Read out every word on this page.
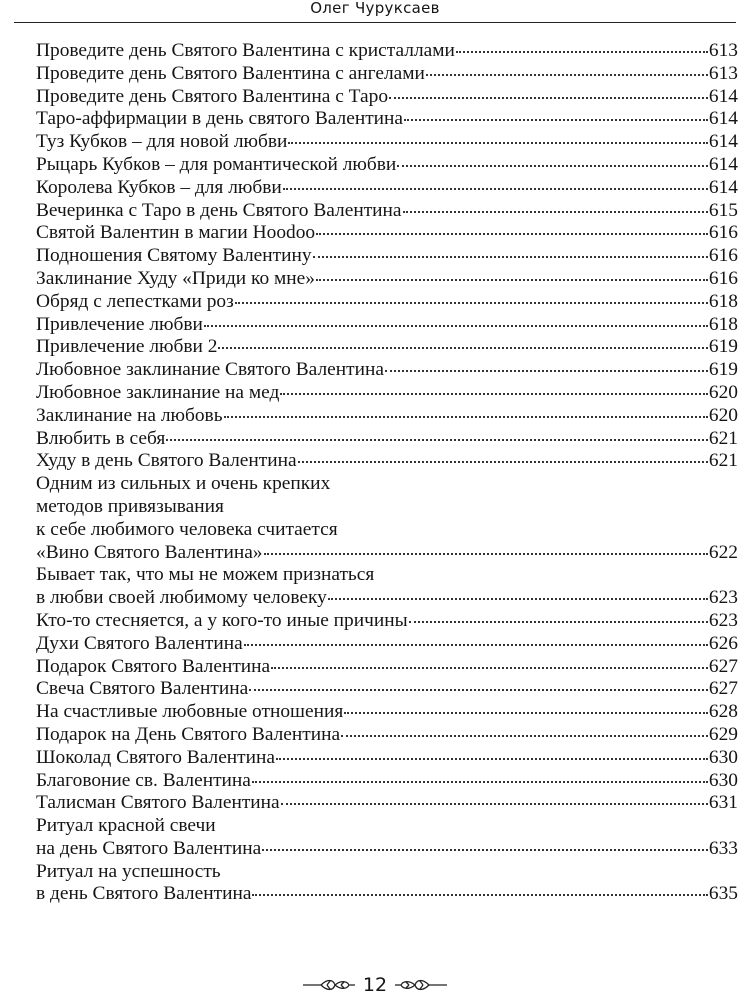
Олег Чуруксаев
Проведите день Святого Валентина с кристаллами	613
Проведите день Святого Валентина с ангелами	613
Проведите день Святого Валентина с Таро	614
Таро-аффирмации в день святого Валентина	614
Туз Кубков – для новой любви	614
Рыцарь Кубков – для романтической любви	614
Королева Кубков – для любви	614
Вечеринка с Таро в день Святого Валентина	615
Святой Валентин в магии Hoodoo	616
Подношения Святому Валентину	616
Заклинание Худу «Приди ко мне»	616
Обряд с лепестками роз	618
Привлечение любви	618
Привлечение любви 2	619
Любовное заклинание Святого Валентина	619
Любовное заклинание на мед	620
Заклинание на любовь	620
Влюбить в себя	621
Худу в день Святого Валентина	621
Одним из сильных и очень крепких
методов привязывания
к себе любимого человека считается
«Вино Святого Валентина»	622
Бывает так, что мы не можем признаться
в любви своей любимому человеку	623
Кто-то стесняется, а у кого-то иные причины	623
Духи Святого Валентина	626
Подарок Святого Валентина	627
Свеча Святого Валентина	627
На счастливые любовные отношения	628
Подарок на День Святого Валентина	629
Шоколад Святого Валентина	630
Благовоние св. Валентина	630
Талисман Святого Валентина	631
Ритуал красной свечи
на день Святого Валентина	633
Ритуал на успешность
в день Святого Валентина	635
12
